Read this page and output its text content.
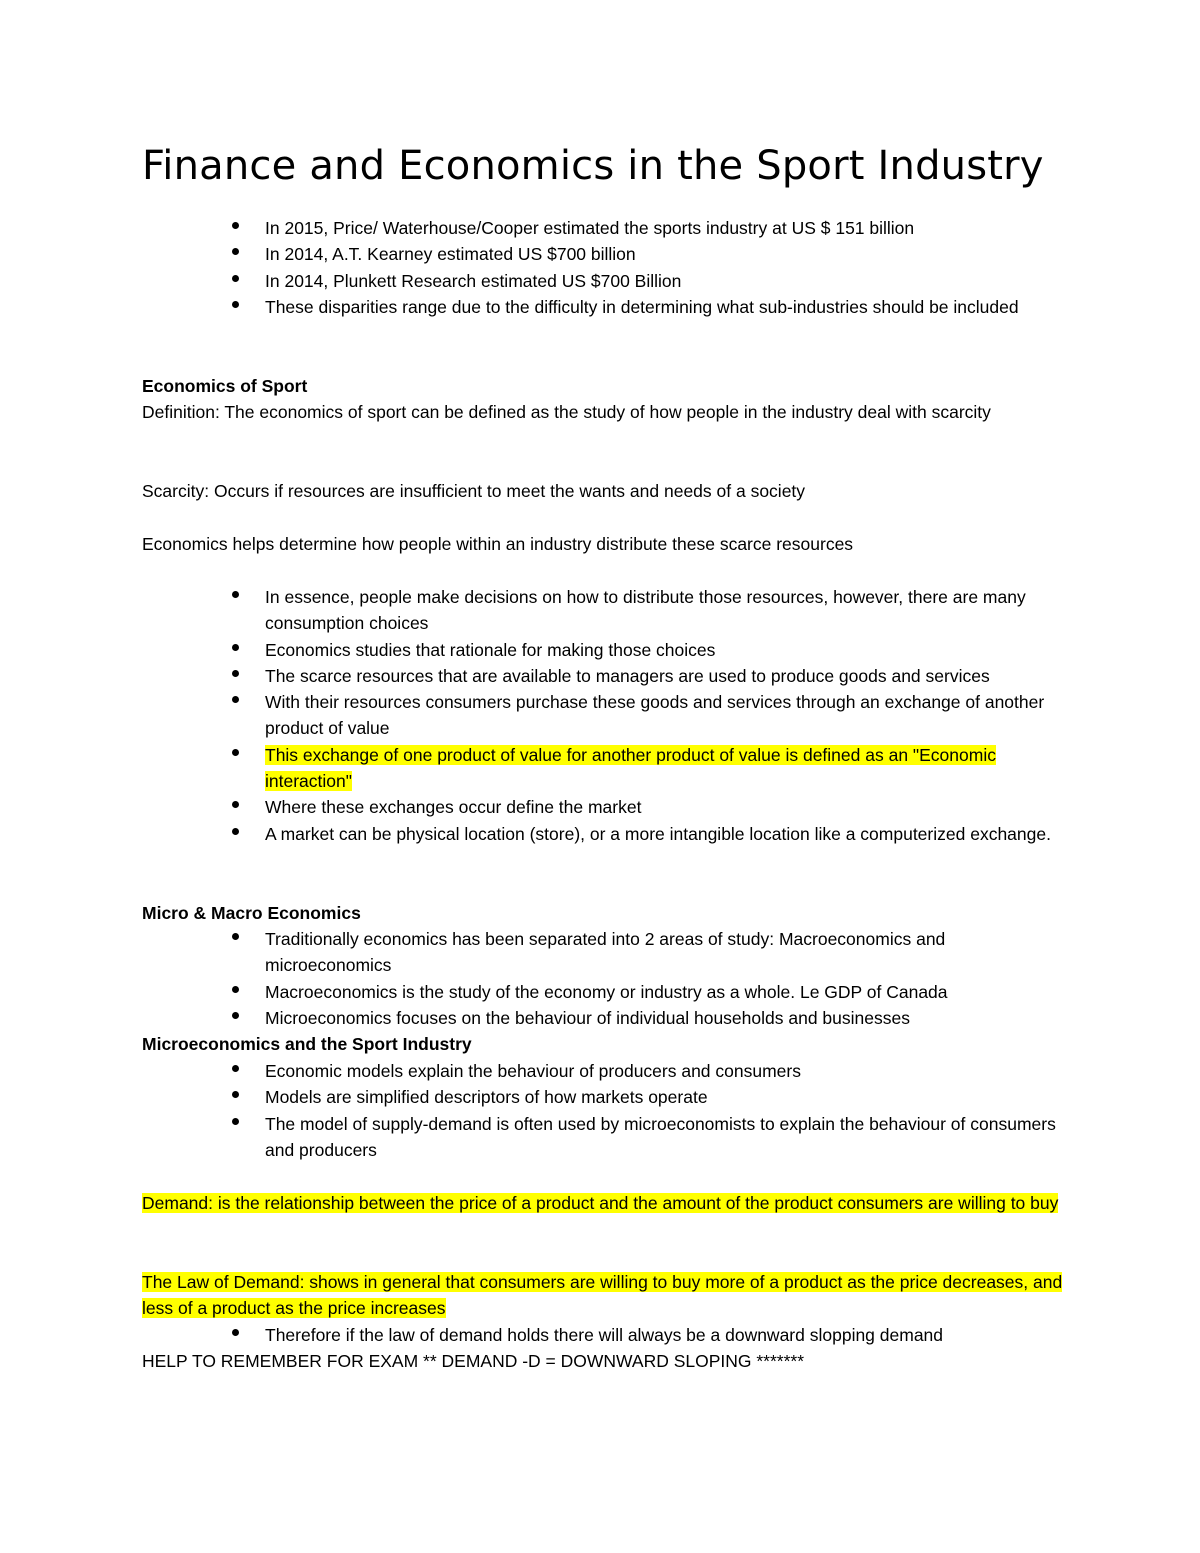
Finance and Economics in the Sport Industry
In 2015, Price/ Waterhouse/Cooper estimated the sports industry at US $ 151 billion
In 2014, A.T. Kearney estimated US $700 billion
In 2014, Plunkett Research estimated US $700 Billion
These disparities range due to the difficulty in determining what sub-industries should be included

Economics of Sport

Definition: The economics of sport can be defined as the study of how people in the industry deal with scarcity

Scarcity: Occurs if resources are insufficient to meet the wants and needs of a society

Economics helps determine how people within an industry distribute these scarce resources

In essence, people make decisions on how to distribute those resources, however, there are many consumption choices
Economics studies that rationale for making those choices
The scarce resources that are available to managers are used to produce goods and services
With their resources consumers purchase these goods and services through an exchange of another product of value
This exchange of one product of value for another product of value is defined as an "Economic interaction"
Where these exchanges occur define the market
A market can be physical location (store), or a more intangible location like a computerized exchange.

Micro & Macro Economics

Traditionally economics has been separated into 2 areas of study: Macroeconomics and microeconomics
Macroeconomics is the study of the economy or industry as a whole. Le GDP of Canada
Microeconomics focuses on the behaviour of individual households and businesses

Microeconomics and the Sport Industry

Economic models explain the behaviour of producers and consumers
Models are simplified descriptors of how markets operate
The model of supply-demand is often used by microeconomists to explain the behaviour of consumers and producers

Demand: is the relationship between the price of a product and the amount of the product consumers are willing to buy

The Law of Demand: shows in general that consumers are willing to buy more of a product as the price decreases, and less of a product as the price increases

Therefore if the law of demand holds there will always be a downward slopping demand

HELP TO REMEMBER FOR EXAM ** DEMAND -D = DOWNWARD SLOPING *******
